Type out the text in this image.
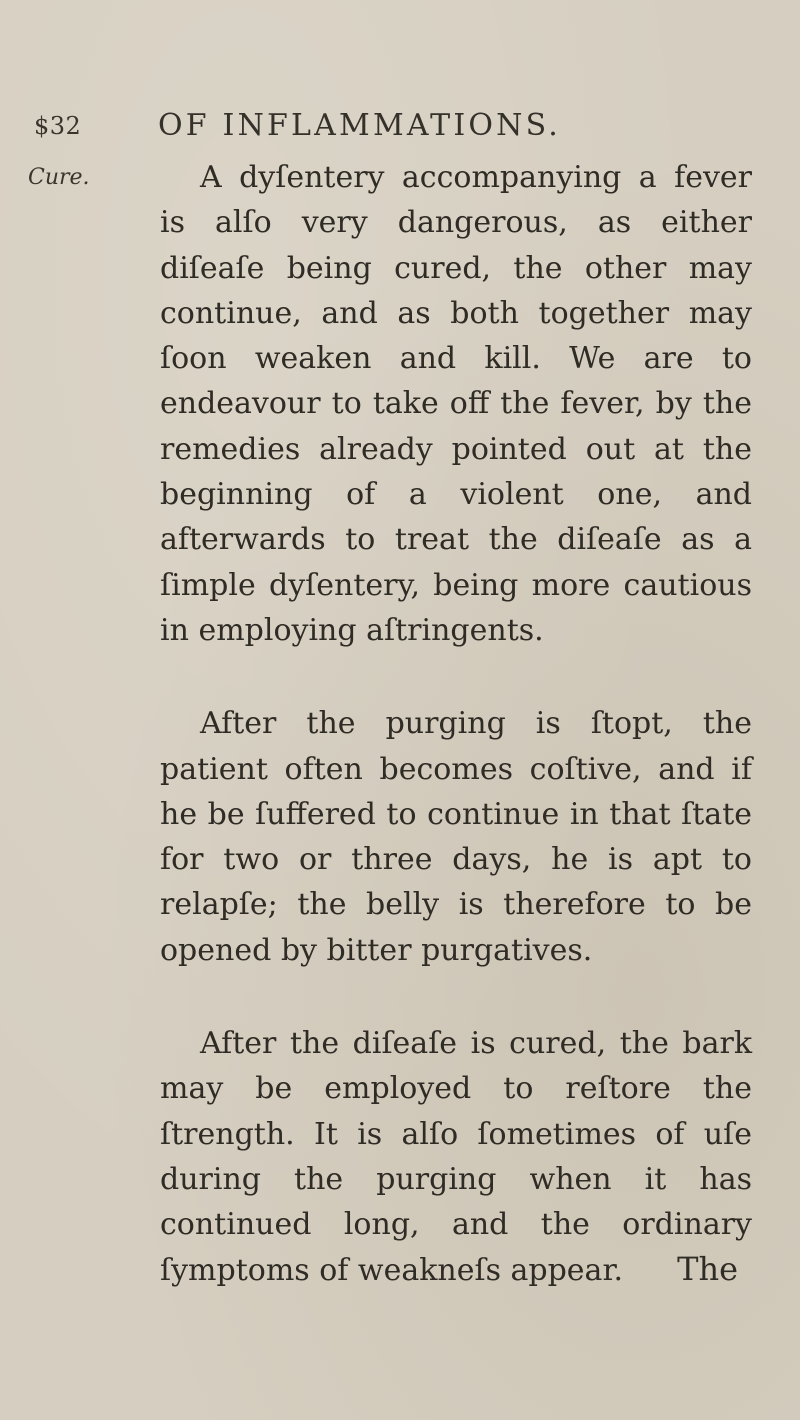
$32	OF INFLAMMATIONS.
Cure.	A dyſentery accompanying a fever is alſo very dangerous, as either diſeaſe being cured, the other may continue, and as both together may ſoon weaken and kill. We are to endeavour to take off the fever, by the remedies already pointed out at the beginning of a violent one, and afterwards to treat the diſeaſe as a ſimple dyſentery, being more cautious in employing aſtringents.

After the purging is ſtopt, the patient often becomes coſtive, and if he be ſuffered to continue in that ſtate for two or three days, he is apt to relapſe; the belly is therefore to be opened by bitter purgatives.

After the diſeaſe is cured, the bark may be employed to reſtore the ſtrength. It is alſo ſometimes of uſe during the purging when it has continued long, and the ordinary ſymptoms of weakneſs appear.	The
